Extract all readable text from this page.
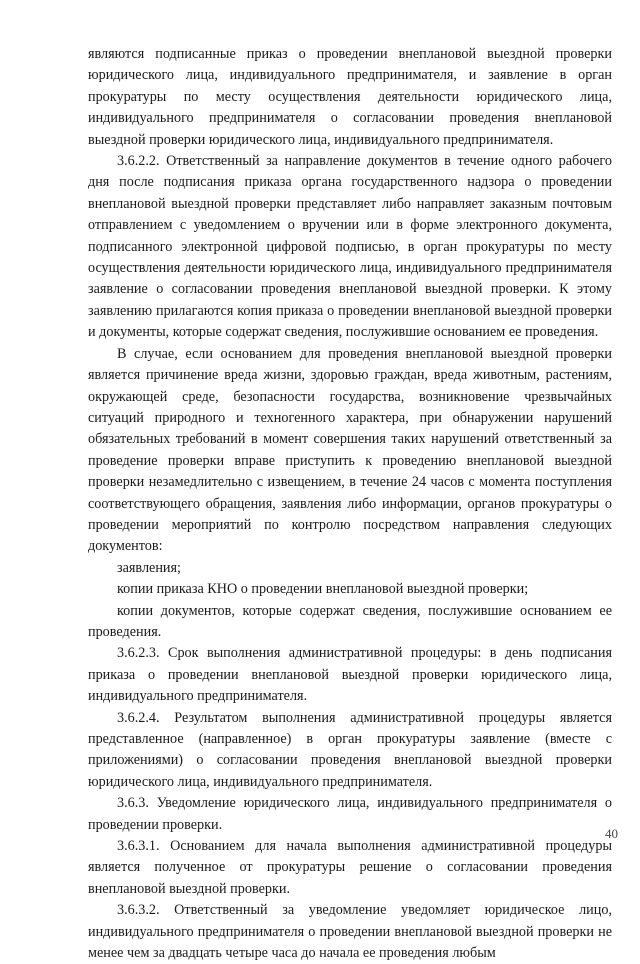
являются подписанные приказ о проведении внеплановой выездной проверки юридического лица, индивидуального предпринимателя, и заявление в орган прокуратуры по месту осуществления деятельности юридического лица, индивидуального предпринимателя о согласовании проведения внеплановой выездной проверки юридического лица, индивидуального предпринимателя.

3.6.2.2. Ответственный за направление документов в течение одного рабочего дня после подписания приказа органа государственного надзора о проведении внеплановой выездной проверки представляет либо направляет заказным почтовым отправлением с уведомлением о вручении или в форме электронного документа, подписанного электронной цифровой подписью, в орган прокуратуры по месту осуществления деятельности юридического лица, индивидуального предпринимателя заявление о согласовании проведения внеплановой выездной проверки. К этому заявлению прилагаются копия приказа о проведении внеплановой выездной проверки и документы, которые содержат сведения, послужившие основанием ее проведения.

В случае, если основанием для проведения внеплановой выездной проверки является причинение вреда жизни, здоровью граждан, вреда животным, растениям, окружающей среде, безопасности государства, возникновение чрезвычайных ситуаций природного и техногенного характера, при обнаружении нарушений обязательных требований в момент совершения таких нарушений ответственный за проведение проверки вправе приступить к проведению внеплановой выездной проверки незамедлительно с извещением, в течение 24 часов с момента поступления соответствующего обращения, заявления либо информации, органов прокуратуры о проведении мероприятий по контролю посредством направления следующих документов:

заявления;

копии приказа КНО о проведении внеплановой выездной проверки;

копии документов, которые содержат сведения, послужившие основанием ее проведения.

3.6.2.3. Срок выполнения административной процедуры: в день подписания приказа о проведении внеплановой выездной проверки юридического лица, индивидуального предпринимателя.

3.6.2.4. Результатом выполнения административной процедуры является представленное (направленное) в орган прокуратуры заявление (вместе с приложениями) о согласовании проведения внеплановой выездной проверки юридического лица, индивидуального предпринимателя.

3.6.3. Уведомление юридического лица, индивидуального предпринимателя о проведении проверки.

3.6.3.1. Основанием для начала выполнения административной процедуры является полученное от прокуратуры решение о согласовании проведения внеплановой выездной проверки.

3.6.3.2. Ответственный за уведомление уведомляет юридическое лицо, индивидуального предпринимателя о проведении внеплановой выездной проверки не менее чем за двадцать четыре часа до начала ее проведения любым

40
